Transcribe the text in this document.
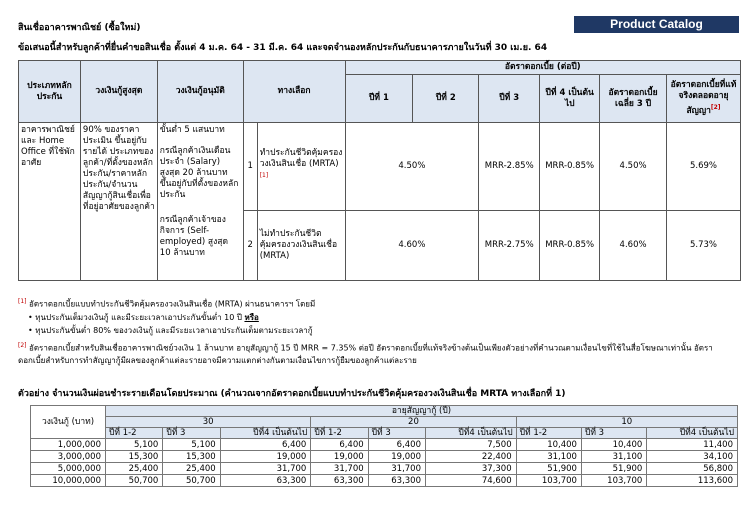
Product Catalog
สินเชื่ออาคารพาณิชย์ (ซื้อใหม่)
ข้อเสนอนี้สำหรับลูกค้าที่ยื่นคำขอสินเชื่อ ตั้งแต่ 4 ม.ค. 64 - 31 มี.ค. 64 และจดจำนองหลักประกันกับธนาคารภายในวันที่ 30 เม.ย. 64
ประเภทหลักประกัน	วงเงินกู้สูงสุด	วงเงินกู้อนุมัติ	ทางเลือก		อัตราดอกเบี้ย (ต่อปี)					
					ปีที่ 1	ปีที่ 2	ปีที่ 3	ปีที่ 4 เป็นต้นไป	อัตราดอกเบี้ยเฉลี่ย 3 ปี	อัตราดอกเบี้ยที่แท้จริงตลอดอายุสัญญา[2]
อาคารพาณิชย์ และ Home Office ที่ใช้พักอาศัย	90% ของราคาประเมิน ขึ้นอยู่กับรายได้ ประเภทของลูกค้า/ที่ตั้งของหลักประกัน/ราคาหลักประกัน/จำนวนสัญญากู้สินเชื่อเพื่อที่อยู่อาศัยของลูกค้า	ขั้นต่ำ 5 แสนบาท
กรณีลูกค้าเงินเดือนประจำ (Salary) สูงสุด 20 ล้านบาท ขึ้นอยู่กับที่ตั้งของหลักประกัน
กรณีลูกค้าเจ้าของกิจการ (Self-employed) สูงสุด 10 ล้านบาท	1	ทำประกันชีวิตคุ้มครองวงเงินสินเชื่อ (MRTA)[1]	4.50%		MRR-2.85%	MRR-0.85%	4.50%	5.69%
			2	ไม่ทำประกันชีวิตคุ้มครองวงเงินสินเชื่อ (MRTA)	4.60%		MRR-2.75%	MRR-0.85%	4.60%	5.73%
[1] อัตราดอกเบี้ยแบบทำประกันชีวิตคุ้มครองวงเงินสินเชื่อ (MRTA) ผ่านธนาคารฯ โดยมี
• ทุนประกันเต็มวงเงินกู้ และมีระยะเวลาเอาประกันขั้นต่ำ 10 ปี หรือ
• ทุนประกันขั้นต่ำ 80% ของวงเงินกู้ และมีระยะเวลาเอาประกันเต็มตามระยะเวลากู้
[2] อัตราดอกเบี้ยสำหรับสินเชื่ออาคารพาณิชย์วงเงิน 1 ล้านบาท อายุสัญญากู้ 15 ปี MRR = 7.35% ต่อปี อัตราดอกเบี้ยที่แท้จริงข้างต้นเป็นเพียงตัวอย่างที่คำนวณตามเงื่อนไขที่ใช้ในสื่อโฆษณาเท่านั้น อัตราดอกเบี้ยสำหรับการทำสัญญากู้มีผลของลูกค้าแต่ละรายอาจมีความแตกต่างกันตามเงื่อนไขการกู้ยืมของลูกค้าแต่ละราย
ตัวอย่าง จำนวนเงินผ่อนชำระรายเดือนโดยประมาณ (คำนวณจากอัตราดอกเบี้ยแบบทำประกันชีวิตคุ้มครองวงเงินสินเชื่อ MRTA ทางเลือกที่ 1)
วงเงินกู้ (บาท)	อายุสัญญากู้ (ปี)								
	30			20			10		
	ปีที่ 1-2	ปีที่ 3	ปีที่4 เป็นต้นไป	ปีที่ 1-2	ปีที่ 3	ปีที่4 เป็นต้นไป	ปีที่ 1-2	ปีที่ 3	ปีที่4 เป็นต้นไป
1,000,000	5,100	5,100	6,400	6,400	6,400	7,500	10,400	10,400	11,400
3,000,000	15,300	15,300	19,000	19,000	19,000	22,400	31,100	31,100	34,100
5,000,000	25,400	25,400	31,700	31,700	31,700	37,300	51,900	51,900	56,800
10,000,000	50,700	50,700	63,300	63,300	63,300	74,600	103,700	103,700	113,600
